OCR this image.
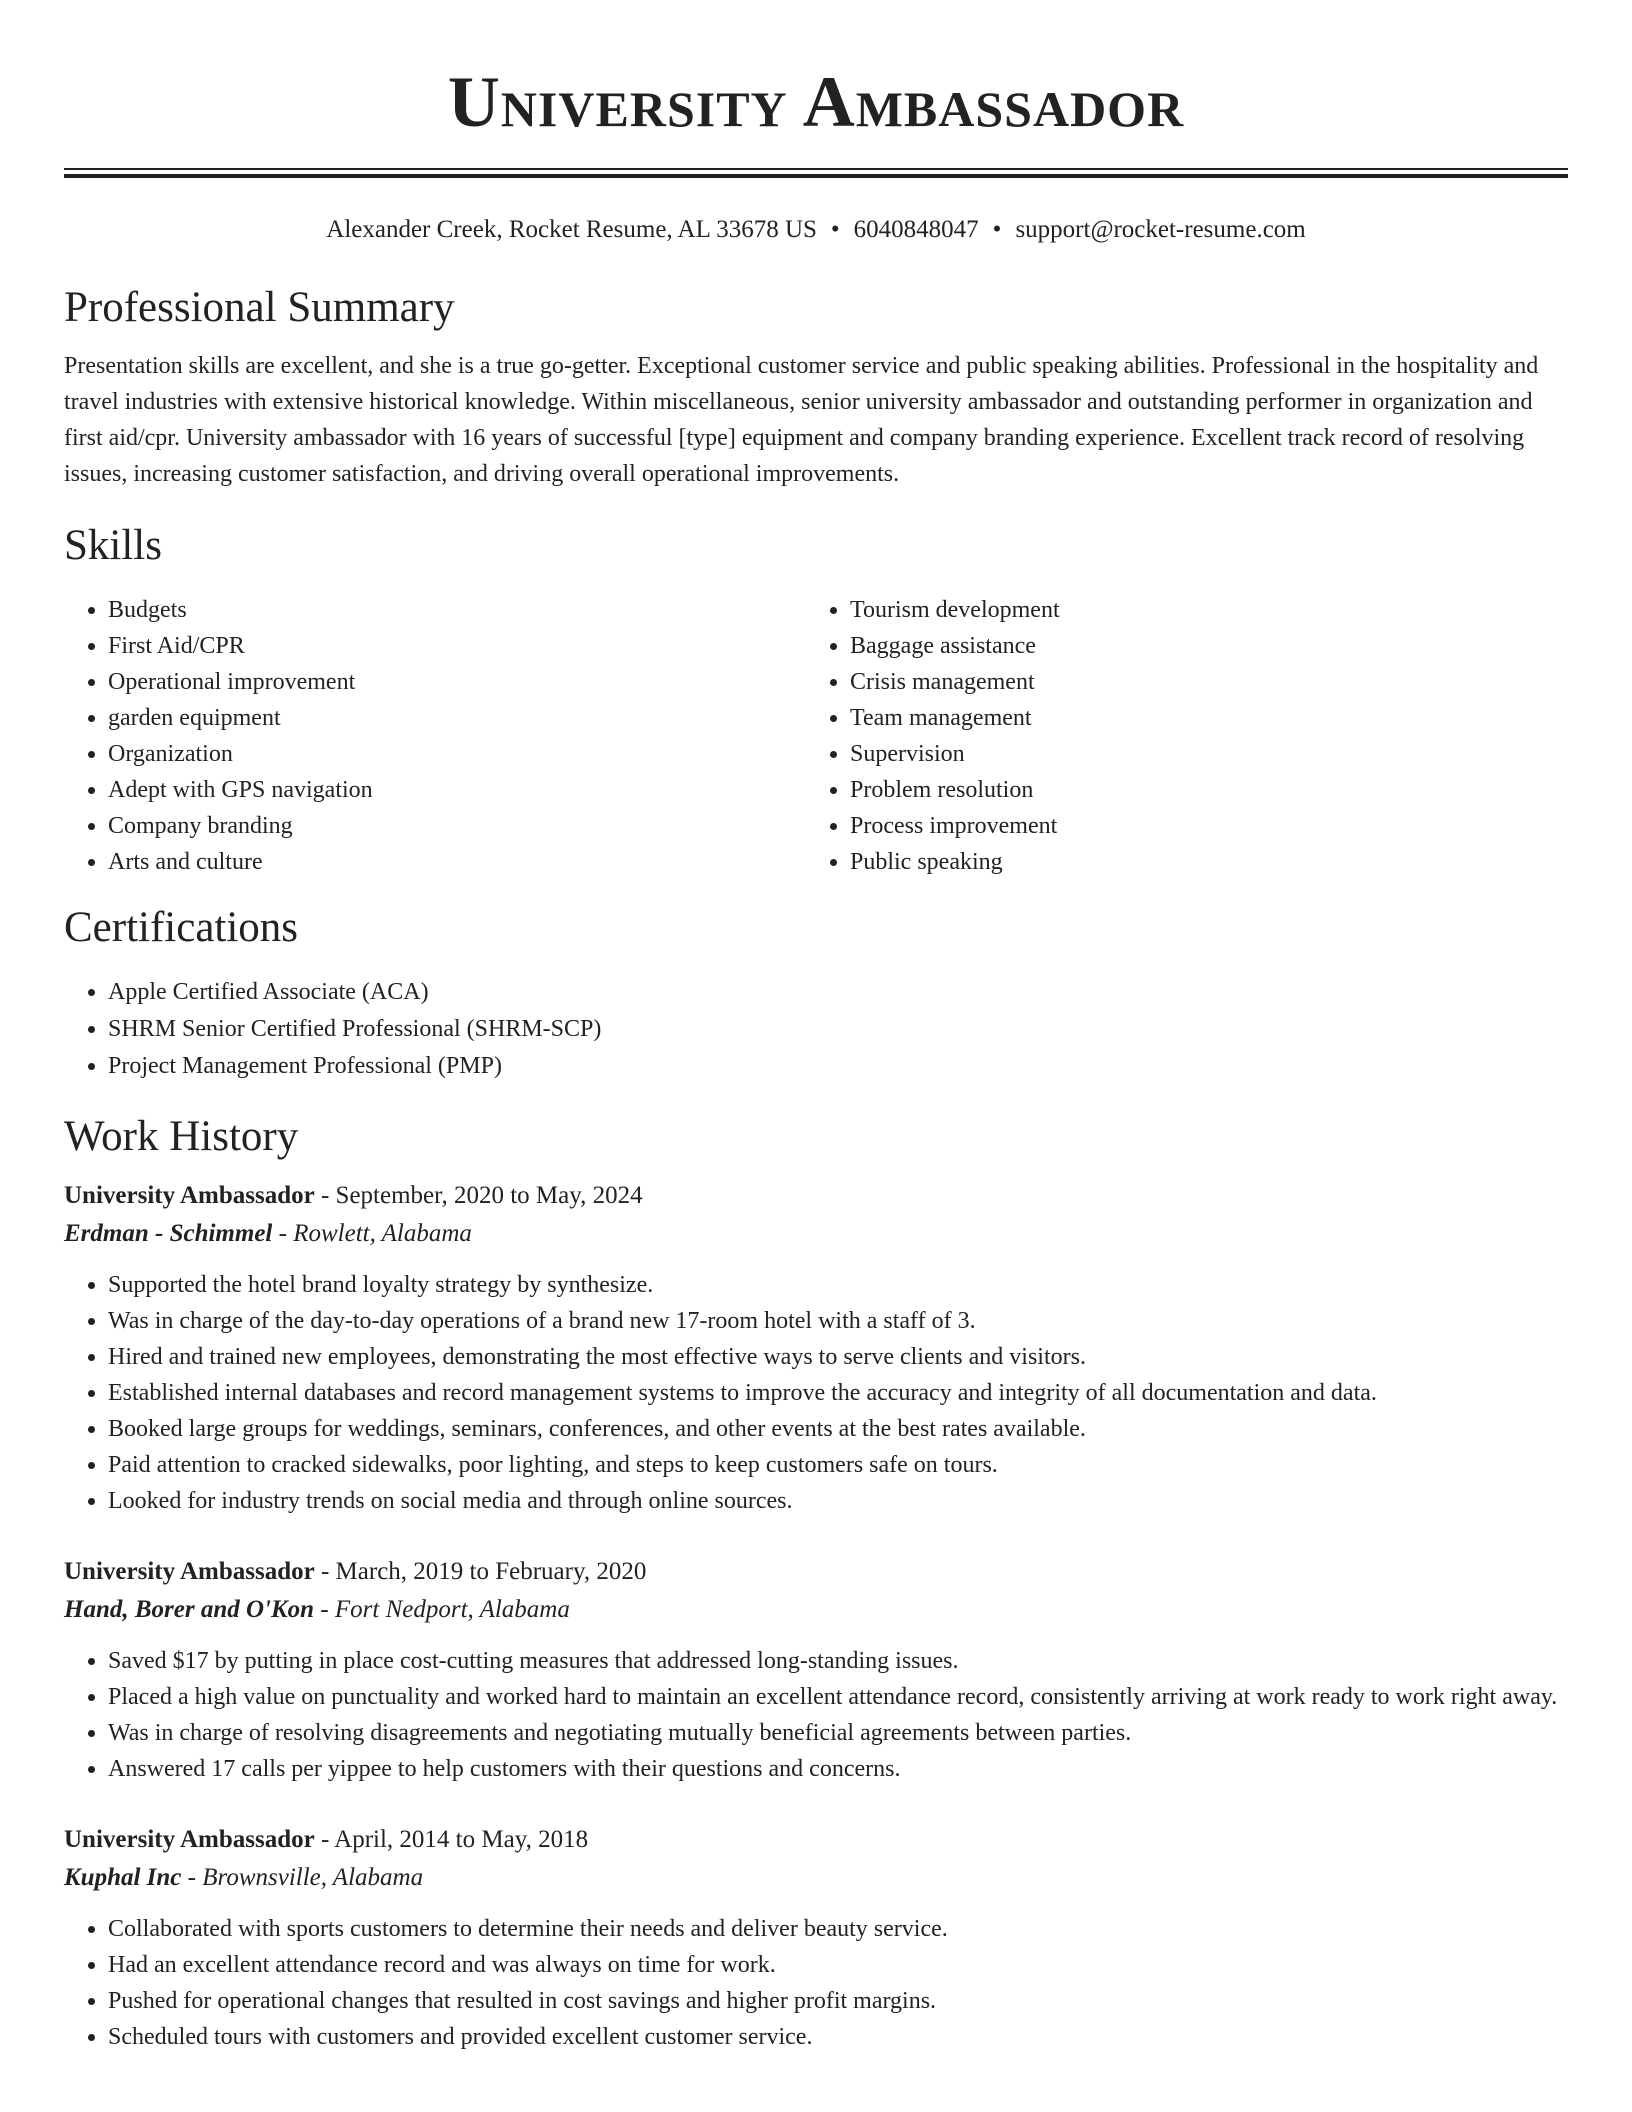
University Ambassador
Alexander Creek, Rocket Resume, AL 33678 US • 6040848047 • support@rocket-resume.com
Professional Summary

Presentation skills are excellent, and she is a true go-getter. Exceptional customer service and public speaking abilities. Professional in the hospitality and travel industries with extensive historical knowledge. Within miscellaneous, senior university ambassador and outstanding performer in organization and first aid/cpr. University ambassador with 16 years of successful [type] equipment and company branding experience. Excellent track record of resolving issues, increasing customer satisfaction, and driving overall operational improvements.

Skills
• Budgets
• First Aid/CPR
• Operational improvement
• garden equipment
• Organization
• Adept with GPS navigation
• Company branding
• Arts and culture
• Tourism development
• Baggage assistance
• Crisis management
• Team management
• Supervision
• Problem resolution
• Process improvement
• Public speaking
Certifications
• Apple Certified Associate (ACA)
• SHRM Senior Certified Professional (SHRM-SCP)
• Project Management Professional (PMP)
Work History
University Ambassador - September, 2020 to May, 2024
Erdman - Schimmel - Rowlett, Alabama
• Supported the hotel brand loyalty strategy by synthesize.
• Was in charge of the day-to-day operations of a brand new 17-room hotel with a staff of 3.
• Hired and trained new employees, demonstrating the most effective ways to serve clients and visitors.
• Established internal databases and record management systems to improve the accuracy and integrity of all documentation and data.
• Booked large groups for weddings, seminars, conferences, and other events at the best rates available.
• Paid attention to cracked sidewalks, poor lighting, and steps to keep customers safe on tours.
• Looked for industry trends on social media and through online sources.
University Ambassador - March, 2019 to February, 2020
Hand, Borer and O'Kon - Fort Nedport, Alabama
• Saved $17 by putting in place cost-cutting measures that addressed long-standing issues.
• Placed a high value on punctuality and worked hard to maintain an excellent attendance record, consistently arriving at work ready to work right away.
• Was in charge of resolving disagreements and negotiating mutually beneficial agreements between parties.
• Answered 17 calls per yippee to help customers with their questions and concerns.
University Ambassador - April, 2014 to May, 2018
Kuphal Inc - Brownsville, Alabama
• Collaborated with sports customers to determine their needs and deliver beauty service.
• Had an excellent attendance record and was always on time for work.
• Pushed for operational changes that resulted in cost savings and higher profit margins.
• Scheduled tours with customers and provided excellent customer service.
